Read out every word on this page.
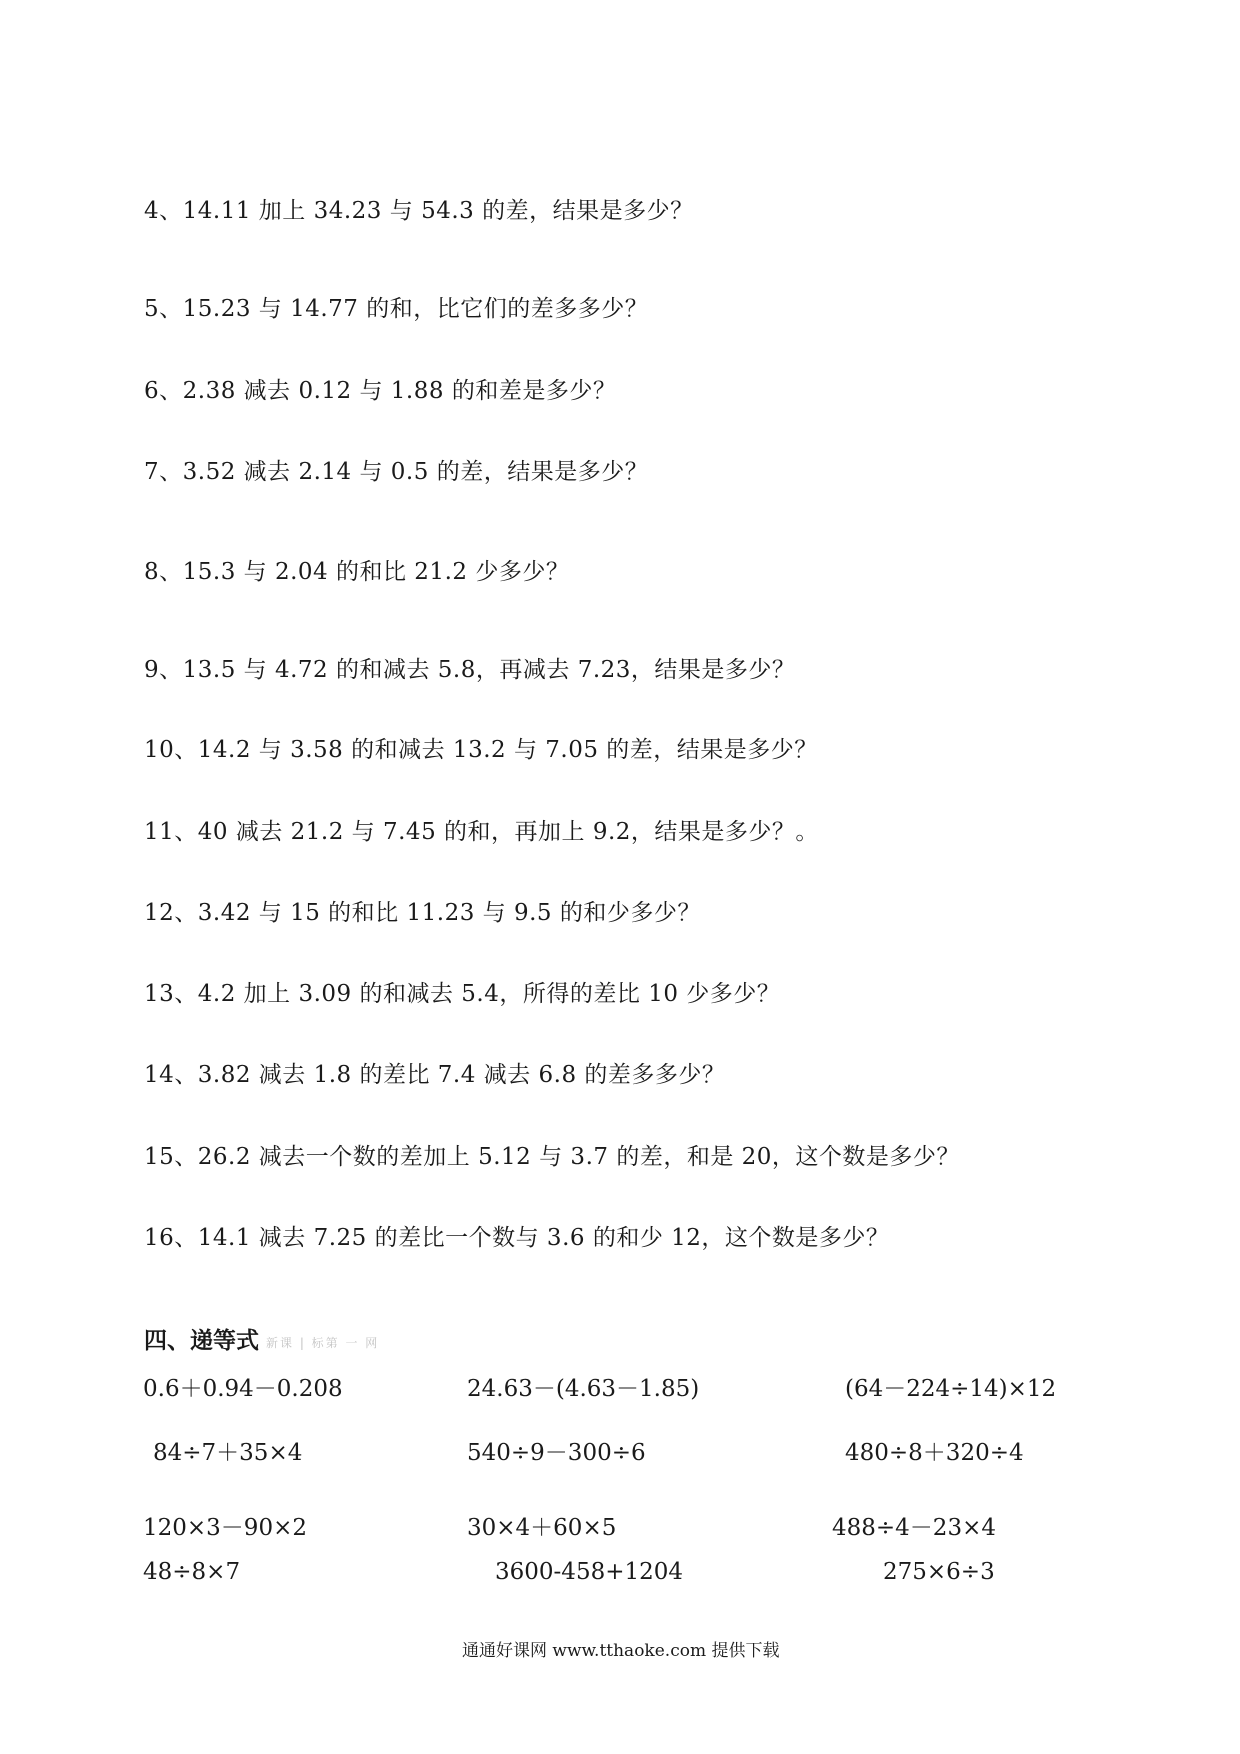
4、14.11 加上 34.23 与 54.3 的差，结果是多少？
5、15.23 与 14.77 的和，比它们的差多多少？
6、2.38 减去 0.12 与 1.88 的和差是多少？
7、3.52 减去 2.14 与 0.5 的差，结果是多少？
8、15.3 与 2.04 的和比 21.2 少多少？
9、13.5 与 4.72 的和减去 5.8，再减去 7.23，结果是多少？
10、14.2 与 3.58 的和减去 13.2 与 7.05 的差，结果是多少？
11、40 减去 21.2 与 7.45 的和，再加上 9.2，结果是多少？。
12、3.42 与 15 的和比 11.23 与 9.5 的和少多少？
13、4.2 加上 3.09 的和减去 5.4，所得的差比 10 少多少？
14、3.82 减去 1.8 的差比 7.4 减去 6.8 的差多多少？
15、26.2 减去一个数的差加上 5.12 与 3.7 的差，和是 20，这个数是多少？
16、14.1 减去 7.25 的差比一个数与 3.6 的和少 12，这个数是多少？
四、递等式 新课 | 标第 一 网
0.6＋0.94－0.208	24.63－(4.63－1.85)	(64－224÷14)×12
84÷7＋35×4	540÷9－300÷6	480÷8＋320÷4
120×3－90×2	30×4＋60×5	488÷4－23×4
48÷8×7	3600-458+1204	275×6÷3
通通好课网 www.tthaoke.com 提供下载
